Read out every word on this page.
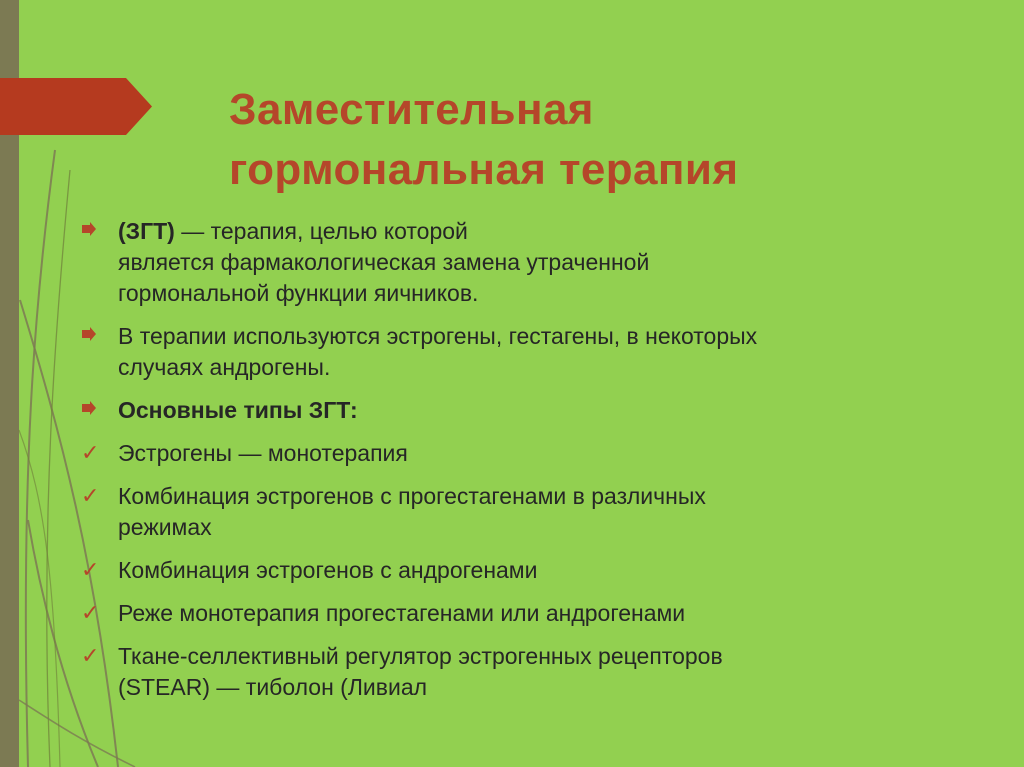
Заместительная
гормональная терапия
(ЗГТ) — терапия, целью которой
является фармакологическая замена утраченной
гормональной функции яичников.
В терапии используются эстрогены, гестагены, в некоторых
случаях андрогены.
Основные типы ЗГТ:
✓ Эстрогены — монотерапия
✓ Комбинация эстрогенов с прогестагенами в различных
режимах
✓ Комбинация эстрогенов с андрогенами
✓ Реже монотерапия прогестагенами или андрогенами
✓ Ткане-селлективный регулятор эстрогенных рецепторов
(STEAR) — тиболон (Ливиал
